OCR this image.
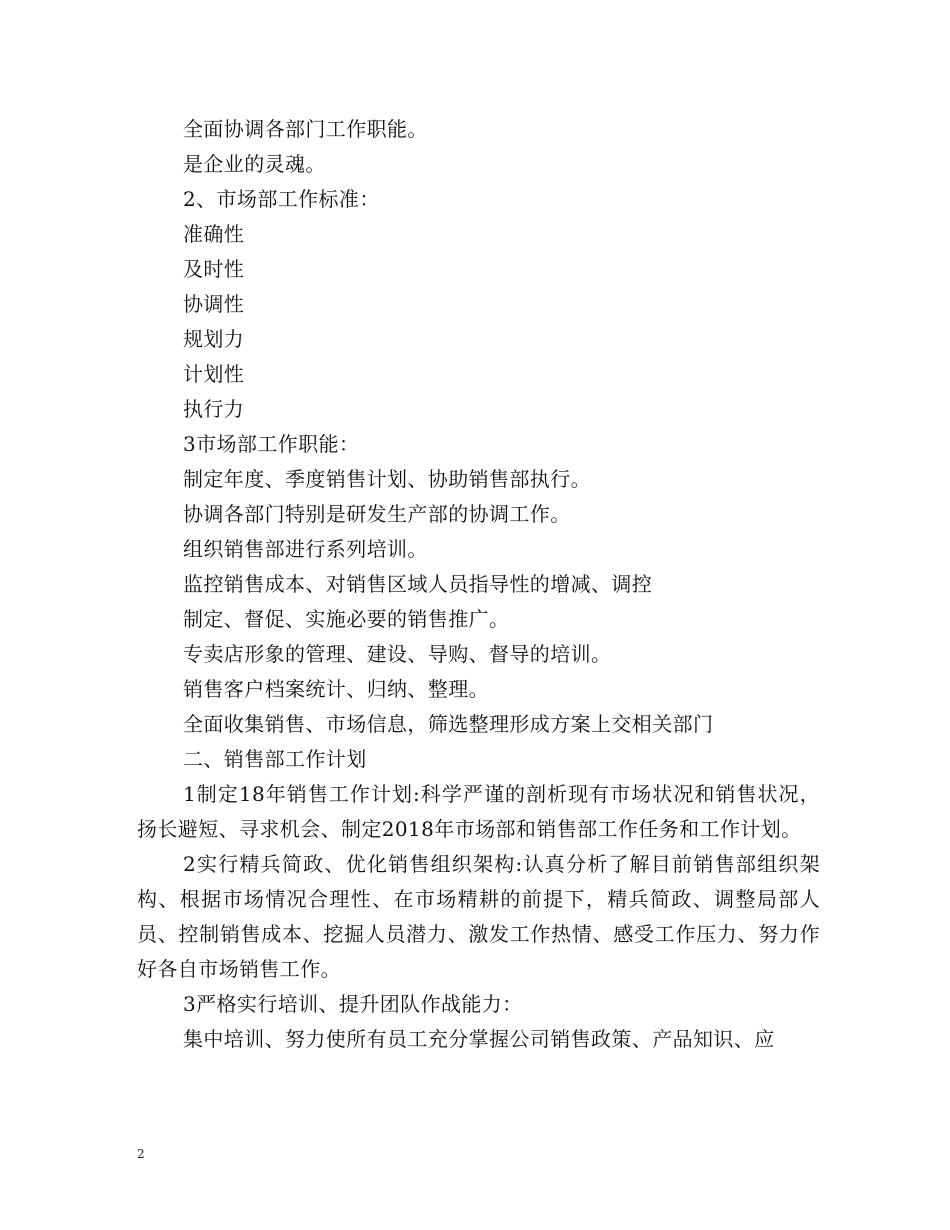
全面协调各部门工作职能。
是企业的灵魂。
2、市场部工作标准：
准确性
及时性
协调性
规划力
计划性
执行力
3市场部工作职能：
制定年度、季度销售计划、协助销售部执行。
协调各部门特别是研发生产部的协调工作。
组织销售部进行系列培训。
监控销售成本、对销售区域人员指导性的增减、调控
制定、督促、实施必要的销售推广。
专卖店形象的管理、建设、导购、督导的培训。
销售客户档案统计、归纳、整理。
全面收集销售、市场信息，筛选整理形成方案上交相关部门
二、销售部工作计划
1制定18年销售工作计划:科学严谨的剖析现有市场状况和销售状况，扬长避短、寻求机会、制定2018年市场部和销售部工作任务和工作计划。
2实行精兵简政、优化销售组织架构:认真分析了解目前销售部组织架构、根据市场情况合理性、在市场精耕的前提下，精兵简政、调整局部人员、控制销售成本、挖掘人员潜力、激发工作热情、感受工作压力、努力作好各自市场销售工作。
3严格实行培训、提升团队作战能力：
集中培训、努力使所有员工充分掌握公司销售政策、产品知识、应
2
